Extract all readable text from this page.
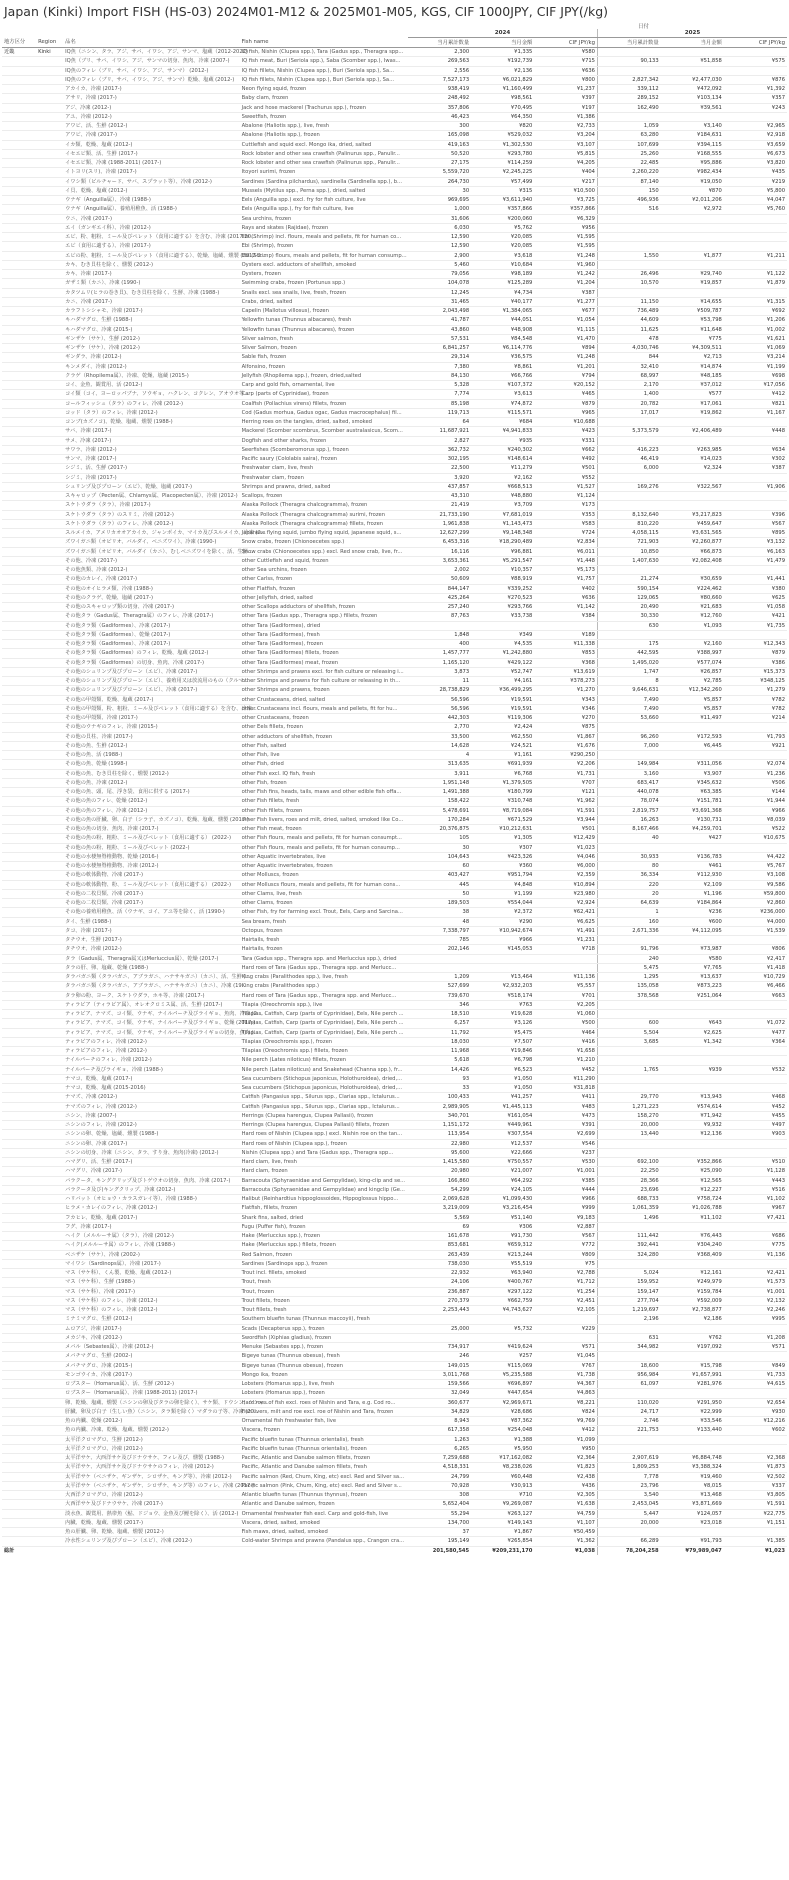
Japan (Kinki) Import FISH (HS-03) 2024M01-M12 & 2025M01-M05, KGS, CIF 1000JPY, CIF JPY(/kg)
日付
				2024			2025		
地方区分	Region	品名	Fish name	当月累計数量	当月金額	CIF JPY/kg	当月累計数量	当月金額	CIF JPY/kg
近畿	Kinki	IQ魚（ニシン、タラ、アジ、サバ、イワシ、アジ、サンマ、塩蔵（2012-2022)	IQ fish, Nishin (Clupea spp.), Tara (Gadus spp., Theragra spp...	2,300	¥1,335	¥580			
		IQ魚（ブリ、サバ、イワシ、アジ、サンマの切身、魚肉、冷凍 (2007-)	IQ fish meat, Buri (Seriola spp.), Saba (Scomber spp.), Iwas...	269,563	¥192,739	¥715	90,133	¥51,858	¥575
		IQ魚のフィレ（ブリ、サバ、イワシ、アジ、サンマ） (2012-)	IQ fish fillets, Nishin (Clupea spp.), Buri (Seriola spp.), Sa...	2,556	¥2,136	¥636			
		IQ魚のフィレ（ブリ、サバ、イワシ、アジ、サンマ）乾燥、塩蔵 (2012-)	IQ fish fillets, Nishin (Clupea spp.), Buri (Seriola spp.), Sa...	7,527,173	¥6,021,829	¥800	2,827,342	¥2,477,030	¥876
		アカイカ、冷凍 (2017-)	Neon flying squid, frozen	938,419	¥1,160,499	¥1,237	339,112	¥472,092	¥1,392
		アサリ、冷凍 (2017-)	Baby clam, frozen	248,492	¥98,561	¥397	289,152	¥103,134	¥357
		アジ、冷凍 (2012-)	Jack and hose mackerel (Trachurus spp.), frozen	357,806	¥70,495	¥197	162,490	¥39,561	¥243
		アユ、冷凍 (2012-)	Sweetfish, frozen	46,423	¥64,350	¥1,386			
		アワビ、活、生鮮 (2012-)	Abalone (Haliotis spp.), live, fresh	300	¥820	¥2,733	1,059	¥3,140	¥2,965
		アワビ、冷凍 (2017-)	Abalone (Haliotis spp.), frozen	165,098	¥529,032	¥3,204	63,280	¥184,631	¥2,918
		イカ類、乾燥、塩蔵 (2012-)	Cuttlefish and squid excl. Mongo ika, dried, salted	419,163	¥1,302,530	¥3,107	107,699	¥394,115	¥3,659
		イセエビ類、活、生鮮 (2017-)	Rock lobster and other sea crawfish (Palinurus spp., Panulir...	50,520	¥293,780	¥5,815	25,260	¥168,555	¥6,673
		イセエビ類、冷凍 (1988-2011) (2017-)	Rock lobster and other sea crawfish (Palinurus spp., Panulir...	27,175	¥114,259	¥4,205	22,485	¥95,886	¥3,820
		イトヨリ(スリ)、冷凍 (2017-)	Itoyori surimi, frozen	5,559,720	¥2,245,225	¥404	2,260,220	¥982,434	¥435
		イワシ類（ピルチャード、サバ、スプラット等）、冷凍 (2012-)	Sardines (Sardina pilchardus), sardinella (Sardinella spp.), b...	264,730	¥57,499	¥217	87,140	¥19,050	¥219
		イ貝、乾燥、塩蔵 (2012-)	Mussels (Mytilus spp., Perna spp.), dried, salted	30	¥315	¥10,500	150	¥870	¥5,800
		ウナギ（Anguilla属）、冷凍 (1988-)	Eels (Anguilla spp.) excl. fry for fish culture, live	969,695	¥3,611,940	¥3,725	496,936	¥2,011,206	¥4,047
		ウナギ（Anguilla属）、養殖用稚魚、活 (1988-)	Eels (Anguilla spp.), fry for fish culture, live	1,000	¥357,866	¥357,866	516	¥2,972	¥5,760
		ウニ、冷凍 (2017-)	Sea urchins, frozen	31,606	¥200,060	¥6,329			
		エイ（ガンギエイ科）、冷凍 (2012-)	Rays and skates (Rajidae), frozen	6,030	¥5,762	¥956			
		エビ、粉、粗粉、ミール及びペレット（食用に適する）を含む、冷凍 (2017-20...	Ebi (Shrimp) incl. flours, meals and pellets, fit for human co...	12,590	¥20,085	¥1,595			
		エビ（食用に適する）、冷凍 (2017-)	Ebi (Shrimp), frozen	12,590	¥20,085	¥1,595			
		エビの粉、粗粉、ミール及びペレット（食用に適する）、乾燥、塩蔵、燻製 (2012-2...	Ebi (Shrimp) flours, meals and pellets, fit for human consump...	2,900	¥3,618	¥1,248	1,550	¥1,877	¥1,211
		カキ、むき貝柱を除く、燻製 (2012-)	Oysters excl. adductors of shellfish, smoked	5,460	¥10,684	¥1,960			
		カキ、冷凍 (2017-)	Oysters, frozen	79,056	¥98,189	¥1,242	26,496	¥29,740	¥1,122
		ガザミ類（カニ）、冷凍 (1990-)	Swimming crabs, frozen (Portunus spp.)	104,078	¥125,289	¥1,204	10,570	¥19,857	¥1,879
		カタツムリ(ヒラの巻き貝)、むき貝柱を除く、生鮮、冷凍 (1988-)	Snails excl. sea snails, live, fresh, frozen	12,245	¥4,734	¥387			
		カニ、冷凍 (2017-)	Crabs, dried, salted	31,465	¥40,177	¥1,277	11,150	¥14,655	¥1,315
		カラフトシシャモ、冷凍 (2017-)	Capelin (Mallotus villosus), frozen	2,043,498	¥1,384,065	¥677	736,489	¥509,787	¥692
		キハダマグロ、生鮮 (1988-)	Yellowfin tunas (Thunnus albacares), fresh	41,787	¥44,051	¥1,054	44,609	¥53,798	¥1,206
		キハダマグロ、冷凍 (2015-)	Yellowfin tunas (Thunnus albacares), frozen	43,860	¥48,908	¥1,115	11,625	¥11,648	¥1,002
		ギンザケ（サケ）、生鮮 (2012-)	Silver salmon, fresh	57,531	¥84,548	¥1,470	478	¥775	¥1,621
		ギンザケ（サケ）、冷凍 (2012-)	Silver Salmon, frozen	6,841,257	¥6,114,776	¥894	4,030,746	¥4,309,511	¥1,069
		ギンダラ、冷凍 (2012-)	Sable fish, frozen	29,314	¥36,575	¥1,248	844	¥2,713	¥3,214
		キンメダイ、冷凍 (2012-)	Alfonsino, frozen	7,380	¥8,861	¥1,201	32,410	¥14,874	¥1,199
		クラゲ（Rhopilema属）、冷凍、乾燥、塩蔵 (2015-)	Jellyfish (Rhopilema spp.), frozen, dried,salted	84,130	¥66,766	¥794	68,997	¥48,185	¥698
		コイ、金魚、観賞用、活 (2012-)	Carp and gold fish, ornamental, live	5,328	¥107,372	¥20,152	2,170	¥37,012	¥17,056
		コイ類（コイ、ヨーロッパブナ、ソウギョ、ハクレン、コクレン、アオウオ等...	Carp (parts of Cyprinidae), frozen	7,774	¥3,613	¥465	1,400	¥577	¥412
		コールフィッシュ（タラ）のフィレ、冷凍 (2012-)	Coalfish (Pollachius virens) fillets, frozen	85,198	¥74,872	¥879	20,782	¥17,061	¥821
		コッド（タラ）のフィレ、冷凍 (2012-)	Cod (Gadus morhua, Gadus ogac, Gadus macrocephalus) fil...	119,713	¥115,571	¥965	17,017	¥19,862	¥1,167
		コンブ(カズノコ)、乾燥、塩蔵、燻製 (1988-)	Herring roes on the tangles, dried, salted, smoked	64	¥684	¥10,688			
		サバ、冷凍 (2017-)	Mackerel (Scomber scombrus, Scomber australasicus, Scom...	11,687,921	¥4,941,833	¥423	5,373,579	¥2,406,489	¥448
		サメ、冷凍 (2017-)	Dogfish and other sharks, frozen	2,827	¥935	¥331			
		サワラ、冷凍 (2012-)	Seerfishes (Scomberomorus spp.), frozen	362,732	¥240,302	¥662	416,223	¥263,985	¥634
		サンマ、冷凍 (2017-)	Pacific saury (Cololabis saira), frozen	302,195	¥148,614	¥492	46,419	¥14,023	¥302
		シジミ、活、生鮮 (2017-)	Freshwater clam, live, fresh	22,500	¥11,279	¥501	6,000	¥2,324	¥387
		シジミ、冷凍 (2017-)	Freshwater clam, frozen	3,920	¥2,162	¥552			
		シュリンプ及びプローン（エビ）、乾燥、塩蔵 (2017-)	Shrimps and prawns, dried, salted	437,857	¥668,513	¥1,527	169,276	¥322,567	¥1,906
		スキャロップ（Pecten属、Chlamys属、Placopecten属）、冷凍 (2012-)	Scallops, frozen	43,310	¥48,880	¥1,124			
		スケトウダラ（タラ）、冷凍 (2017-)	Alaska Pollock (Theragra chalcogramma), frozen	21,419	¥3,709	¥173			
		スケトウダラ（タラ）のスリミ、冷凍 (2012-)	Alaska Pollock (Theragra chalcogramma) surimi, frozen	21,733,190	¥7,681,019	¥353	8,132,640	¥3,217,823	¥396
		スケトウダラ（タラ）のフィレ、冷凍 (2012-)	Alaska Pollock (Theragra chalcogramma) fillets, frozen	1,961,838	¥1,143,473	¥583	810,220	¥459,647	¥567
		スルメイカ、アメリカオオアカイカ、ジャンボイカ、マイカ及びスルメイカ、冷凍 (2...	Japanese flying squid, jumbo flying squid, japanese squid, s...	12,627,299	¥9,148,348	¥724	4,058,115	¥3,631,565	¥895
		ズワイガニ類（オピリオ、バルダイ、ベニズワイ）、冷凍 (1990-)	Snow crabs, frozen (Chionoecetes spp.)	6,453,316	¥18,290,489	¥2,834	721,903	¥2,260,877	¥3,132
		ズワイガニ類（オピリオ、バルダイ（カニ）、むしベニズワイを除く、活、生鮮...	Snow crabs (Chionoecetes spp.) excl. Red snow crab, live, fr...	16,116	¥96,881	¥6,011	10,850	¥66,873	¥6,163
		その他、冷凍 (2017-)	other Cuttlefish and squid, frozen	3,653,361	¥5,291,547	¥1,448	1,407,630	¥2,082,408	¥1,479
		その他魚類、冷凍 (2012-)	other Sea urchins, frozen	2,002	¥10,357	¥5,173			
		その他のカレイ、冷凍 (2017-)	other Carlss, frozen	50,609	¥88,919	¥1,757	21,274	¥30,659	¥1,441
		その他のオイヒラメ類、冷凍 (1988-)	other Flatfish, frozen	844,147	¥339,252	¥402	590,154	¥224,462	¥380
		その他のクラゲ、乾燥、塩蔵 (2017-)	other Jellyfish, dried, salted	425,264	¥270,523	¥636	129,065	¥80,660	¥625
		その他のスキャロップ類の切身、冷凍 (2017-)	other Scallops adductors of shellfish, frozen	257,240	¥293,766	¥1,142	20,490	¥21,683	¥1,058
		その他タラ（Gadus属、Theragra属）のフィレ、冷凍 (2017-)	other Tara (Gadus spp., Theragra spp.) fillets, frozen	87,763	¥33,738	¥384	30,330	¥12,760	¥421
		その他タラ類（Gadiformes）、冷凍 (2017-)	other Tara (Gadiformes), dried				630	¥1,093	¥1,735
		その他タラ類（Gadiformes）、乾燥 (2017-)	other Tara (Gadiformes), fresh	1,848	¥349	¥189			
		その他タラ類（Gadiformes）、冷凍 (2017-)	other Tara (Gadiformes), frozen	400	¥4,535	¥11,338	175	¥2,160	¥12,343
		その他タラ類（Gadiformes）のフィレ、乾燥、塩蔵 (2012-)	other Tara (Gadiformes) fillets, frozen	1,457,777	¥1,242,880	¥853	442,595	¥388,997	¥879
		その他タラ類（Gadiformes）の切身、魚肉、冷凍 (2017-)	other Tara (Gadiformes) meat, frozen	1,165,120	¥429,122	¥368	1,495,020	¥577,074	¥386
		その他のシュリンプ及びプローン（エビ）、冷凍 (2017-)	other Shrimps and prawns excl. for fish culture or releasing i...	3,873	¥52,747	¥13,619	1,747	¥26,857	¥15,373
		その他のシュリンプ及びプローン（エビ）、養殖用又は放流用のもの（クルマ...	other Shrimps and prawns for fish culture or releasing in th...	11	¥4,161	¥378,273	8	¥2,785	¥348,125
		その他のシュリンプ及びプローン（エビ）、冷凍 (2017-)	other Shrimps and prawns, frozen	28,738,829	¥36,499,295	¥1,270	9,646,631	¥12,342,260	¥1,279
		その他の甲殻類、乾燥、塩蔵 (2017-)	other Crustaceans, dried, salted	56,596	¥19,591	¥343	7,490	¥5,857	¥782
		その他の甲殻類、粉、粗粉、ミール及びペレット（食用に適する）を含む、冷凍...	other Crustaceans incl. flours, meals and pellets, fit for hu...	56,596	¥19,591	¥346	7,490	¥5,857	¥782
		その他の甲殻類、冷凍 (2017-)	other Crustaceans, frozen	442,303	¥119,306	¥270	53,660	¥11,497	¥214
		その他のウナギのフィレ、冷凍 (2015-)	other Eels fillets, frozen	2,770	¥2,424	¥875			
		その他の貝柱、冷凍 (2017-)	other adductors of shellfish, frozen	33,500	¥62,550	¥1,867	96,260	¥172,593	¥1,793
		その他の魚、生鮮 (2012-)	other Fish, salted	14,628	¥24,521	¥1,676	7,000	¥6,445	¥921
		その他の魚、活 (1988-)	other Fish, live	4	¥1,161	¥290,250			
		その他の魚、乾燥 (1998-)	other Fish, dried	313,635	¥691,939	¥2,206	149,984	¥311,056	¥2,074
		その他の魚、むき貝柱を除く、燻製 (2012-)	other Fish excl. IQ fish, fresh	3,911	¥6,768	¥1,731	3,160	¥3,907	¥1,236
		その他の魚、冷凍 (2012-)	other Fish, frozen	1,951,148	¥1,379,505	¥707	683,417	¥345,632	¥506
		その他の魚、頭、尾、浮き袋、食用に供する (2017-)	other Fish fins, heads, tails, maws and other edible fish offa...	1,491,388	¥180,799	¥121	440,078	¥63,385	¥144
		その他の魚のフィレ、乾燥 (2012-)	other Fish fillets, fresh	158,422	¥310,748	¥1,962	78,074	¥151,781	¥1,944
		その他の魚のフィレ、冷凍 (2012-)	other Fish fillets, frozen	5,478,691	¥8,719,084	¥1,591	2,819,757	¥3,691,368	¥966
		その他の魚の肝臓、卵、白子（シラ子、カズノコ）、乾燥、塩蔵、燻製 (2017-)	other Fish livers, roes and milt, dried, salted, smoked like Co...	170,284	¥671,529	¥3,944	16,263	¥130,731	¥8,039
		その他の魚の切身、魚肉、冷凍 (2017-)	other Fish meat, frozen	20,376,875	¥10,212,631	¥501	8,167,466	¥4,259,701	¥522
		その他の魚の粉、粗粉、ミール及びペレット（食用に適する） (2022-)	other Fish flours, meals and pellets, fit for human consumpt...	105	¥1,305	¥12,429	40	¥427	¥10,675
		その他の魚の粉、粗粉、ミール及びペレット (2022-)	other Fish flours, meals and pellets, fit for human consump...	30	¥307	¥1,023			
		その他の水棲無脊椎動物、乾燥 (2016-)	other Aquatic invertebrates, live	104,643	¥423,326	¥4,046	30,933	¥136,783	¥4,422
		その他の水棲無脊椎動物、冷凍 (2012-)	other Aquatic invertebrates, frozen	60	¥360	¥6,000	80	¥461	¥5,767
		その他の軟体動物、冷凍 (2017-)	other Molluscs, frozen	403,427	¥951,794	¥2,359	36,334	¥112,930	¥3,108
		その他の軟体動物、粉、ミール及びペレット（食用に適する） (2022-)	other Molluscs flours, meals and pellets, fit for human cons...	445	¥4,848	¥10,894	220	¥2,109	¥9,586
		その他の二枚貝類、冷凍 (2017-)	other Clams, live, fresh	50	¥1,199	¥23,980	20	¥1,196	¥59,800
		その他の二枚貝類、冷凍 (2017-)	other Clams, frozen	189,503	¥554,044	¥2,924	64,639	¥184,864	¥2,860
		その他の養殖用稚魚、活（ウナギ、コイ、アユ等を除く、活 (1990-)	other Fish, fry for farming excl. Trout, Eels, Carp and Sarcina...	38	¥2,372	¥62,421	1	¥236	¥236,000
		タイ、生鮮 (1988-)	Sea bream, fresh	48	¥290	¥6,625	160	¥600	¥4,000
		タコ、冷凍 (2017-)	Octopus, frozen	7,338,797	¥10,942,674	¥1,491	2,671,336	¥4,112,095	¥1,539
		タチウオ、生鮮 (2017-)	Hairtails, fresh	785	¥966	¥1,231			
		タチウオ、冷凍 (2012-)	Hairtails, frozen	202,146	¥145,053	¥718	91,796	¥73,987	¥806
		タラ（Gadus属、Theragra属又はMerluccius属）、乾燥 (2017-)	Tara (Gadus spp., Theragra spp. and Merluccius spp.), dried				240	¥580	¥2,417
		タラの肝、卵、塩蔵、乾燥 (1988-)	Hard roes of Tara (Gadus spp., Theragra spp. and Merlucc...				5,475	¥7,765	¥1,418
		タラバガニ類（タラバガニ、アブラガニ、ハナサキガニ）（カニ）、活、生鮮 (...	King crabs (Paralithodes spp.), live, fresh	1,209	¥13,464	¥11,136	1,295	¥13,637	¥10,729
		タラバガニ類（タラバガニ、アブラガニ、ハナサキガニ）（カニ）、冷凍 (19...	King crabs (Paralithodes spp.)	527,699	¥2,932,203	¥5,557	135,058	¥873,223	¥6,466
		タラ卵の粉、ヨーク、スケトウダラ、ホキ等、冷凍 (2017-)	Hard roes of Tara (Gadus spp., Theragra spp. and Merlucc...	739,670	¥518,174	¥701	378,568	¥251,064	¥663
		ティラピア（ティラピア属）、オレオクロミス属、活、生鮮 (2017-)	Tilapia (Oreochromis spp.), live	346	¥763	¥2,205			
		ティラピア、ナマズ、コイ類、ウナギ、ナイルパーチ及びライギョ、魚肉、冷凍 (2...	Tilapias, Catfish, Carp (parts of Cyprinidae), Eels, Nile perch ...	18,510	¥19,628	¥1,060			
		ティラピア、ナマズ、コイ類、ウナギ、ナイルパーチ及びライギョ、乾燥 (2017-)	Tilapias, Catfish, Carp (parts of Cyprinidae), Eels, Nile perch ...	6,257	¥3,126	¥500	600	¥643	¥1,072
		ティラピア、ナマズ、コイ類、ウナギ、ナイルパーチ及びライギョの切身、魚肉 (...	Tilapias, Catfish, Carp (parts of Cyprinidae), Eels, Nile perch ...	11,792	¥5,475	¥464	5,504	¥2,625	¥477
		ティラピアのフィレ、冷凍 (2012-)	Tilapias (Oreochromis spp.), frozen	18,030	¥7,507	¥416	3,685	¥1,342	¥364
		ティラピアのフィレ、冷凍 (2012-)	Tilapias (Oreochromis spp.) fillets, frozen	11,968	¥19,846	¥1,658			
		ナイルパーチのフィレ、冷凍 (2012-)	Nile perch (Lates niloticus) fillets, frozen	5,618	¥6,798	¥1,210			
		ナイルパーチ及びライギョ、冷凍 (1988-)	Nile perch (Lates niloticus) and Snakehead (Channa spp.), fr...	14,426	¥6,523	¥452	1,765	¥939	¥532
		ナマコ、乾燥、塩蔵 (2017-)	Sea cucumbers (Stichopus japonicus, Holothuroidea), dried,...	93	¥1,050	¥11,290			
		ナマコ、乾燥、塩蔵 (2015-2016)	Sea cucumbers (Stichopus japonicus, Holothuroidea), dried,...	33	¥1,050	¥31,818			
		ナマズ、冷凍 (2012-)	Catfish (Pangasius spp., Silurus spp., Clarias spp., Ictalurus...	100,433	¥41,257	¥411	29,770	¥13,943	¥468
		ナマズのフィレ、冷凍 (2012-)	Catfish (Pangasius spp., Silurus spp., Clarias spp., Ictalurus...	2,989,905	¥1,445,113	¥483	1,271,223	¥574,614	¥452
		ニシン、冷凍 (2007-)	Herrings (Clupea harengus, Clupea Pallasii), frozen	340,701	¥161,054	¥473	158,270	¥71,942	¥455
		ニシンのフィレ、冷凍 (2012-)	Herrings (Clupea harengus, Clupea Pallasii) fillets, frozen	1,151,172	¥449,961	¥391	20,000	¥9,932	¥497
		ニシンの卵、乾燥、塩蔵、燻製 (1988-)	Hard roes of Nishin (Clupea spp.) excl. Nishin roe on the tan...	113,954	¥307,554	¥2,699	13,440	¥12,136	¥903
		ニシンの卵、冷凍 (2017-)	Hard roes of Nishin (Clupea spp.), frozen	22,980	¥12,537	¥546			
		ニシンの切身、冷凍（ニシン、タラ、すり身、魚肉(冷凍) (2012-)	Nishin (Clupea spp.) and Tara (Gadus spp., Theragra spp...	95,600	¥22,666	¥237			
		ハマグリ、活、生鮮 (2017-)	Hard clam, live, fresh	1,415,580	¥750,557	¥530	692,100	¥352,866	¥510
		ハマグリ、冷凍 (2017-)	Hard clam, frozen	20,980	¥21,007	¥1,001	22,250	¥25,090	¥1,128
		バラクータ、キングクリップ及びトゲウオの切身、魚肉、冷凍 (2017-)	Barracouta (Sphyraenidae and Gempylidae), king-clip and se...	166,860	¥64,292	¥385	28,366	¥12,565	¥443
		バラクータ及び(キングクリップ、冷凍 (2012-)	Barracouta (Sphyraenidae and Gempylidae) and kingclip (Ge...	54,299	¥24,105	¥444	23,696	¥12,227	¥516
		ハリバット（オヒョウ・カラスガレイ等）、冷凍 (1988-)	Halibut (Reinhardtius hippoglossoides, Hippoglossus hippo...	2,069,628	¥1,099,430	¥966	688,733	¥758,724	¥1,102
		ヒラメ・カレイのフィレ、冷凍 (2012-)	Flatfish, fillets, frozen	3,219,009	¥3,216,454	¥999	1,061,359	¥1,026,788	¥967
		フカヒレ、乾燥、塩蔵 (2017-)	Shark fins, salted, dried	5,569	¥51,140	¥9,183	1,496	¥11,102	¥7,421
		フグ、冷凍 (2017-)	Fugu (Puffer fish), frozen	69	¥306	¥2,887			
		ヘイク（メルルーサ属）（タラ）、冷凍 (2012-)	Hake (Merluccius spp.), frozen	161,678	¥91,730	¥567	111,442	¥76,443	¥686
		ヘイク(メルルーサ属）のフィレ、冷凍 (1988-)	Hake (Merluccius spp.) fillets, frozen	853,681	¥659,312	¥772	392,441	¥304,240	¥775
		ベニザケ（サケ）、冷凍 (2002-)	Red Salmon, frozen	263,439	¥213,244	¥809	324,280	¥368,409	¥1,136
		マイワシ（Sardinops属）、冷凍 (2017-)	Sardines (Sardinops spp.), frozen	738,030	¥55,519	¥75			
		マス（サケ科）、くん製、乾燥、塩蔵 (2012-)	Trout incl. fillets, smoked	22,932	¥63,940	¥2,788	5,024	¥12,161	¥2,421
		マス（サケ科）、生鮮 (1988-)	Trout, fresh	24,106	¥400,767	¥1,712	159,952	¥249,979	¥1,573
		マス（サケ科）、冷凍 (2017-)	Trout, frozen	236,887	¥297,122	¥1,254	159,147	¥159,784	¥1,001
		マス（サケ科）のフィレ、冷凍 (2012-)	Trout fillets, frozen	270,379	¥662,759	¥2,451	277,704	¥592,009	¥2,132
		マス（サケ科）のフィレ、冷凍 (2012-)	Trout fillets, fresh	2,253,443	¥4,743,627	¥2,105	1,219,697	¥2,738,877	¥2,246
		ミナミマグロ、生鮮 (2012-)	Southern bluefin tunas (Thunnus maccoyii), fresh				2,196	¥2,186	¥995
		ムロアジ、冷凍 (2017-)	Scads (Decapterus spp.), frozen	25,000	¥5,732	¥229			
		メカジキ、冷凍 (2012-)	Swordfish (Xiphias gladius), frozen				631	¥762	¥1,208
		メバル（Sebastes属）、冷凍 (2012-)	Menuke (Sebastes spp.), frozen	734,917	¥419,624	¥571	344,982	¥197,092	¥571
		メバチマグロ、生鮮 (2002-)	Bigeye tunas (Thunnus obesus), fresh	246	¥257	¥1,045			
		メバチマグロ、冷凍 (2015-)	Bigeye tunas (Thunnus obesus), frozen	149,015	¥115,069	¥767	18,600	¥15,798	¥849
		モンゴウイカ、冷凍 (2017-)	Mongo ika, frozen	3,011,768	¥5,235,588	¥1,738	956,984	¥1,657,991	¥1,733
		ロブスター（Homarus属）、活、生鮮 (2012-)	Lobsters (Homarus spp.), live, fresh	159,566	¥696,897	¥4,367	61,097	¥281,976	¥4,615
		ロブスター（Homarus属）、冷凍 (1988-2011) (2017-)	Lobsters (Homarus spp.), frozen	32,049	¥447,654	¥4,863			
		卵、乾燥、塩蔵、燻製（ニシンの卵及びタラの卵を除く）、サケ類、ドウシン、シシャ...	Hard roes of fish excl. roes of Nishin and Tara, e.g. Cod ro...	360,677	¥2,969,671	¥8,221	110,020	¥291,950	¥2,654
		肝臓、卵及び白子（生しい魚）（ニシン、タラ類を除く）マダラの子等、冷凍 (20...	Fish livers, milt and roe excl. roe of Nishin and Tara, frozen	34,829	¥28,686	¥824	24,717	¥22,999	¥930
		魚の内臓、乾燥 (2012-)	Ornamental fish freshwater fish, live	8,943	¥87,362	¥9,769	2,746	¥33,546	¥12,216
		魚の内臓、冷凍、乾燥、塩蔵、燻製 (2012-)	Viscera, frozen	617,358	¥254,048	¥412	221,753	¥133,440	¥602
		太平洋クロマグロ、生鮮 (2012-)	Pacific bluefin tunas (Thunnus orientalis), fresh	1,263	¥1,388	¥1,099			
		太平洋クロマグロ、冷凍 (2012-)	Pacific bluefin tunas (Thunnus orientalis), frozen	6,265	¥5,950	¥950			
		太平洋サケ、大西洋サケ及びドナウサケ、フィレ及び、燻製 (1988-)	Pacific, Atlantic and Danube salmon fillets, frozen	7,259,688	¥17,162,082	¥2,364	2,907,619	¥6,884,748	¥2,368
		太平洋サケ、大西洋サケ及びドナウサケのフィレ、冷凍 (2012-)	Pacific, Atlantic and Danube salmon fillets, fresh	4,518,331	¥8,238,026	¥1,823	1,809,253	¥3,388,324	¥1,873
		太平洋サケ（ベニザケ、ギンザケ、シロザケ、キング等）、冷凍 (2012-)	Pacific salmon (Red, Chum, King, etc) excl. Red and Silver sa...	24,799	¥60,448	¥2,438	7,778	¥19,460	¥2,502
		太平洋サケ（ベニザケ、ギンザケ、シロザケ、キング等）のフィレ、冷凍 (2017-)	Pacific salmon (Pink, Chum, King, etc) excl. Red and Silver s...	70,928	¥30,913	¥436	23,796	¥8,015	¥337
		大西洋クロマグロ、冷凍 (2012-)	Atlantic bluefin tunas (Thunnus thynnus), frozen	308	¥710	¥2,305	3,540	¥13,468	¥3,805
		大西洋サケ及びドナウサケ、冷凍 (2017-)	Atlantic and Danube salmon, frozen	5,652,404	¥9,269,087	¥1,638	2,453,045	¥3,871,669	¥1,591
		淡水魚、観賞用、熱帯魚（鮎、ドジョウ、金魚及び鯉を除く）、活 (2012-)	Ornamental freshwater fish excl. Carp and gold-fish, live	55,294	¥263,127	¥4,759	5,447	¥124,057	¥22,775
		内臓、乾燥、塩蔵、燻製 (2017-)	Viscera, dried, salted, smoked	134,700	¥149,143	¥1,107	20,000	¥23,018	¥1,151
		魚の肝臓、卵、乾燥、塩蔵、燻製 (2012-)	Fish maws, dried, salted, smoked	37	¥1,867	¥50,459			
		冷水性シュリンプ及びプローン（エビ）、冷凍 (2012-)	Cold-water Shrimps and prawns (Pandalus spp., Crangon cra...	195,149	¥265,854	¥1,362	66,289	¥91,793	¥1,385
総計				201,580,545	¥209,231,170	¥1,038	78,204,258	¥79,989,047	¥1,023
